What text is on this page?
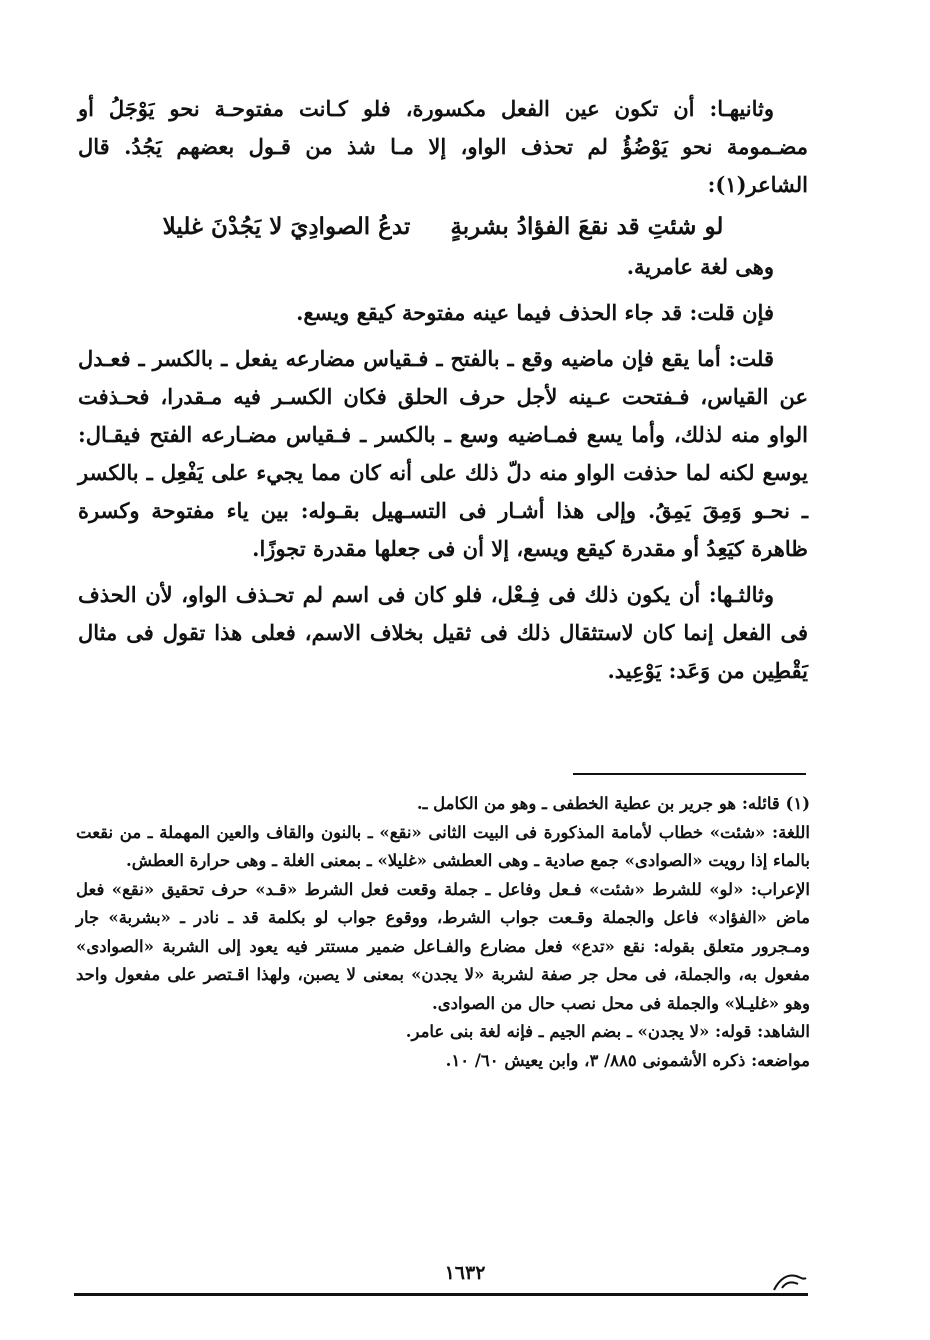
وثانيهـا: أن تكون عين الفعل مكسورة، فلو كـانت مفتوحـة نحو يَوْجَلُ أو مضـمومة نحو يَوْضُؤُ لم تحذف الواو، إلا مـا شذ من قـول بعضهم يَجُدُ. قال الشاعر(١):

لو شئتِ قد نقعَ الفؤادُ بشربةٍ
تدعُ الصوادِيَ لا يَجُدْنَ غليلا

وهى لغة عامرية.

فإن قلت: قد جاء الحذف فيما عينه مفتوحة كيقع ويسع.

قلت: أما يقع فإن ماضيه وقع ـ بالفتح ـ فـقياس مضارعه يفعل ـ بالكسر ـ فعـدل عن القياس، فـفتحت عـينه لأجل حرف الحلق فكان الكسـر فيه مـقدرا، فحـذفت الواو منه لذلك، وأما يسع فمـاضيه وسع ـ بالكسر ـ فـقياس مضـارعه الفتح فيقـال: يوسع لكنه لما حذفت الواو منه دلّ ذلك على أنه كان مما يجيء على يَفْعِل ـ بالكسر ـ نحـو وَمِقَ يَمِقُ. وإلى هذا أشـار فى التسـهيل بقـوله: بين ياء مفتوحة وكسرة ظاهرة كيَعِدُ أو مقدرة كيقع ويسع، إلا أن فى جعلها مقدرة تجوزًا.

وثالثـها: أن يكون ذلك فى فِـعْل، فلو كان فى اسم لم تحـذف الواو، لأن الحذف فى الفعل إنما كان لاستثقال ذلك فى ثقيل بخلاف الاسم، فعلى هذا تقول فى مثال يَقْطِين من وَعَد: يَوْعِيد.

(١) قائله: هو جرير بن عطية الخطفى ـ وهو من الكامل ـ.

اللغة: «شئت» خطاب لأمامة المذكورة فى البيت الثانى «نقع» ـ بالنون والقاف والعين المهملة ـ من نقعت بالماء إذا رويت «الصوادى» جمع صادية ـ وهى العطشى «غليلا» ـ بمعنى الغلة ـ وهى حرارة العطش.

الإعراب: «لو» للشرط «شئت» فـعل وفاعل ـ جملة وقعت فعل الشرط «قـد» حرف تحقيق «نقع» فعل ماض «الفؤاد» فاعل والجملة وقـعت جواب الشرط، ووقوع جواب لو بكلمة قد ـ نادر ـ «بشربة» جار ومـجرور متعلق بقوله: نقع «تدع» فعل مضارع والفـاعل ضمير مستتر فيه يعود إلى الشربة «الصوادى» مفعول به، والجملة، فى محل جر صفة لشربة «لا يجدن» بمعنى لا يصبن، ولهذا اقـتصر على مفعول واحد وهو «غليـلا» والجملة فى محل نصب حال من الصوادى.

الشاهد: قوله: «لا يجدن» ـ بضم الجيم ـ فإنه لغة بنى عامر.

مواضعه: ذكره الأشمونى ٨٨٥/ ٣، وابن يعيش ٦٠/ ١٠.

١٦٣٢
